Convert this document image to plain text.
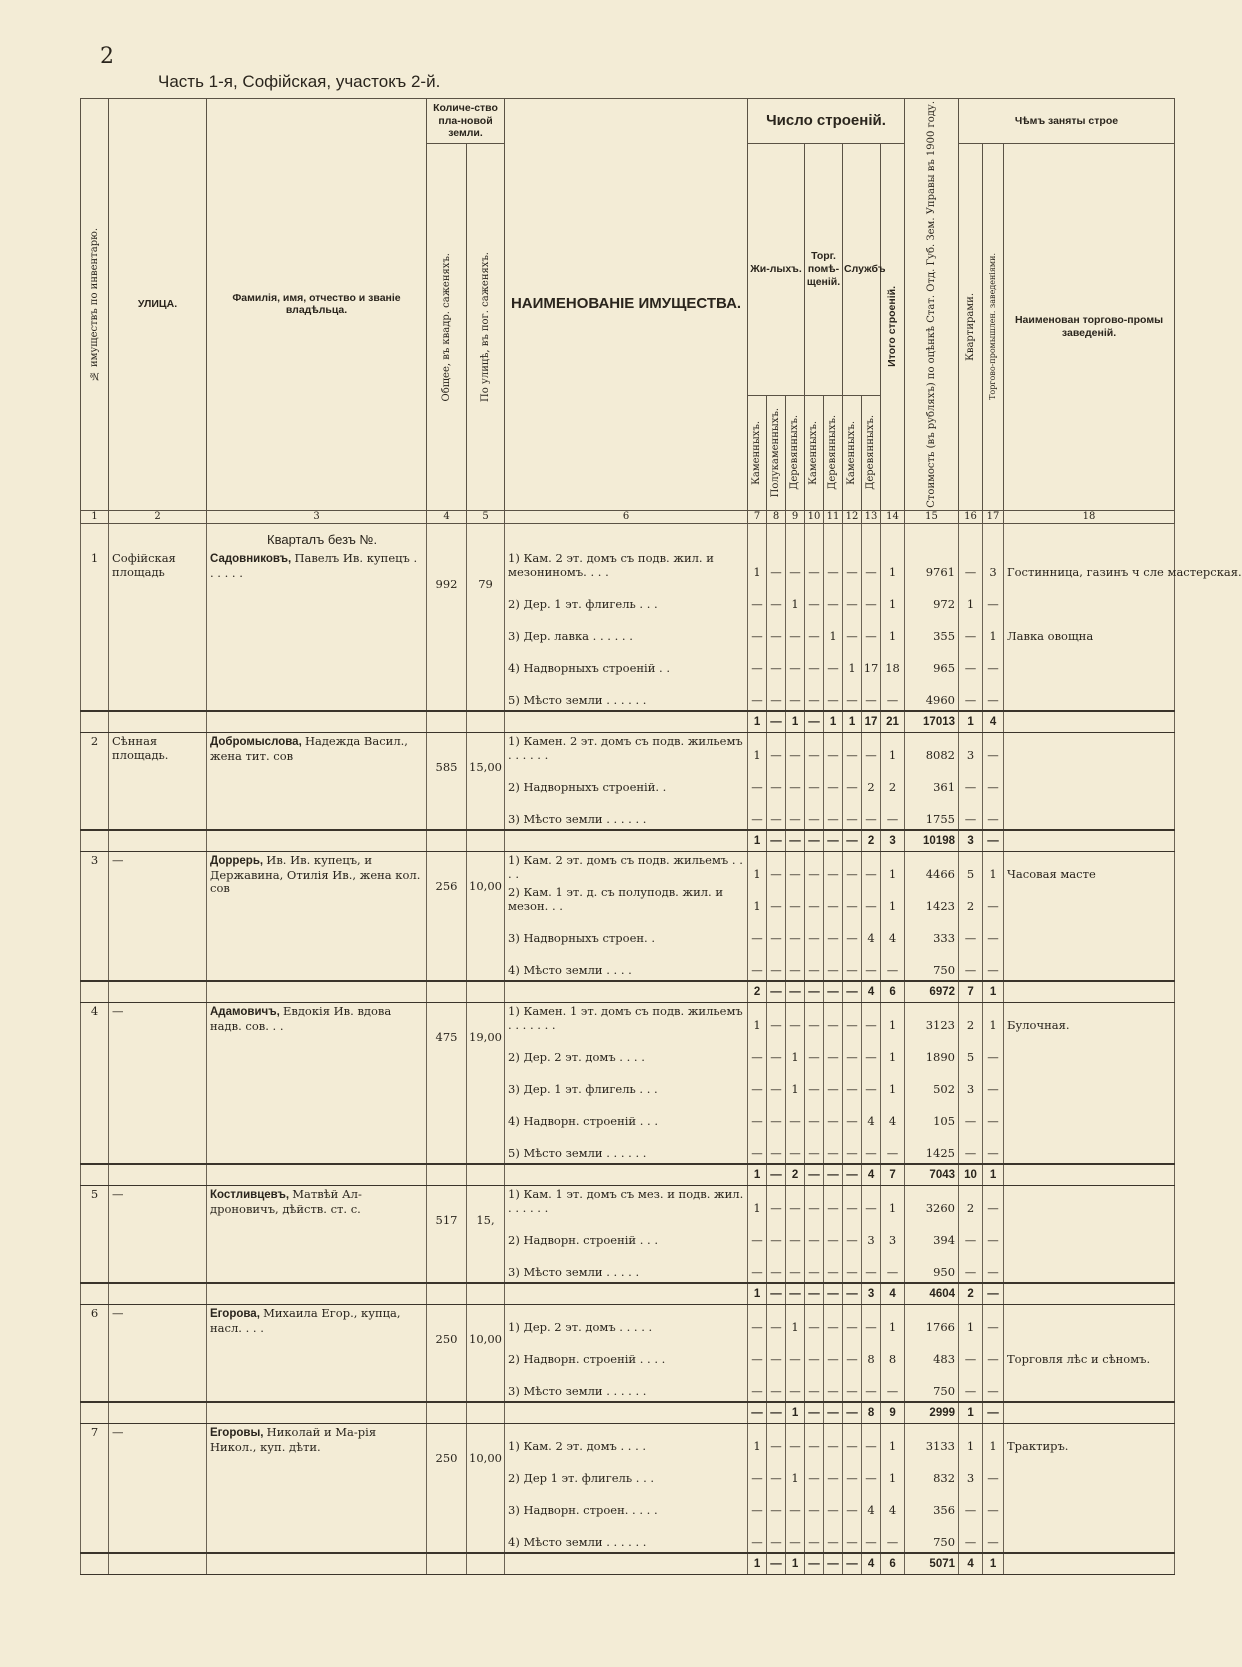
2
Часть 1-я, Софійская, участокъ 2-й.
№ имуществъ по инвентарю.	УЛИЦА.	Фамилія, имя, отчество и званіе владѣльца.	Количе-ство пла-новой земли.		НАИМЕНОВАНІЕ ИМУЩЕСТВА.	Число строеній.								Стоимость (въ рубляхъ) по оцѣнкѣ Стат. Отд. Губ. Зем. Управы въ 1900 году.	Чѣмъ заняты строе		

			Общее, въ квадр. саженяхъ.	По улицѣ, въ пог. саженяхъ.		Жи-лыхъ.			Торг. помѣ-щеній.		Службъ		Итого строеній.		Квартирами.	Торгово-промышлен. заведеніями.	Наименован торгово-промы заведеній.

						Каменныхъ.	Полукаменныхъ.	Деревянныхъ.	Каменныхъ.	Деревянныхъ.	Каменныхъ.	Деревянныхъ.					

1	2	3	4	5	6	7	8	9	10	11	12	13	14	15	16	17	18
		Кварталъ безъ №.															
1	Софійская площадь	Садовниковъ, Павелъ Ив. купецъ . . . . . .	992	79	1) Кам. 2 эт. домъ съ подв. жил. и мезониномъ. . . .	1	—	—	—	—	—	—	1	9761	—	3	Гостинница, газинъ ч сле мастерская.

					2) Дер. 1 эт. флигель . . .	—	—	1	—	—	—	—	1	972	1	—	

					3) Дер. лавка . . . . . .	—	—	—	—	1	—	—	1	355	—	1	Лавка овощна

					4) Надворныхъ строеній . .	—	—	—	—	—	1	17	18	965	—	—	

					5) Мѣсто земли . . . . . .	—	—	—	—	—	—	—	—	4960	—	—	
						1	—	1	—	1	1	17	21	17013	1	4	
2	Сѣнная площадь.	Добромыслова, Надежда Васил., жена тит. сов	585	15,00	1) Камен. 2 эт. домъ съ подв. жильемъ . . . . . .	1	—	—	—	—	—	—	1	8082	3	—	

					2) Надворныхъ строеній. .	—	—	—	—	—	—	2	2	361	—	—	

					3) Мѣсто земли . . . . . .	—	—	—	—	—	—	—	—	1755	—	—	
						1	—	—	—	—	—	2	3	10198	3	—	
3	—	Доррерь, Ив. Ив. купецъ, и Державина, Отилія Ив., жена кол. сов	256	10,00	1) Кам. 2 эт. домъ съ подв. жильемъ . . . .	1	—	—	—	—	—	—	1	4466	5	1	Часовая масте

					2) Кам. 1 эт. д. съ полуподв. жил. и мезон. . .	1	—	—	—	—	—	—	1	1423	2	—	

					3) Надворныхъ строен. .	—	—	—	—	—	—	4	4	333	—	—	

					4) Мѣсто земли . . . .	—	—	—	—	—	—	—	—	750	—	—	
						2	—	—	—	—	—	4	6	6972	7	1	
4	—	Адамовичъ, Евдокія Ив. вдова надв. сов. . .	475	19,00	1) Камен. 1 эт. домъ съ подв. жильемъ . . . . . . .	1	—	—	—	—	—	—	1	3123	2	1	Булочная.

					2) Дер. 2 эт. домъ . . . .	—	—	1	—	—	—	—	1	1890	5	—	

					3) Дер. 1 эт. флигель . . .	—	—	1	—	—	—	—	1	502	3	—	

					4) Надворн. строеній . . .	—	—	—	—	—	—	4	4	105	—	—	

					5) Мѣсто земли . . . . . .	—	—	—	—	—	—	—	—	1425	—	—	
						1	—	2	—	—	—	4	7	7043	10	1	
5	—	Костливцевъ, Матвѣй Ал-дроновичъ, дѣйств. ст. с.	517	15,	1) Кам. 1 эт. домъ съ мез. и подв. жил. . . . . . .	1	—	—	—	—	—	—	1	3260	2	—	

					2) Надворн. строеній . . .	—	—	—	—	—	—	3	3	394	—	—	

					3) Мѣсто земли . . . . .	—	—	—	—	—	—	—	—	950	—	—	
						1	—	—	—	—	—	3	4	4604	2	—	
6	—	Егорова, Михаила Егор., купца, насл. . . .	250	10,00	1) Дер. 2 эт. домъ . . . . .	—	—	1	—	—	—	—	1	1766	1	—	

					2) Надворн. строеній . . . .	—	—	—	—	—	—	8	8	483	—	—	Торговля лѣс и сѣномъ.

					3) Мѣсто земли . . . . . .	—	—	—	—	—	—	—	—	750	—	—	
						—	—	1	—	—	—	8	9	2999	1	—	
7	—	Егоровы, Николай и Ма-рія Никол., куп. дѣти.	250	10,00	1) Кам. 2 эт. домъ . . . .	1	—	—	—	—	—	—	1	3133	1	1	Трактиръ.

					2) Дер 1 эт. флигель . . .	—	—	1	—	—	—	—	1	832	3	—	

					3) Надворн. строен. . . . .	—	—	—	—	—	—	4	4	356	—	—	

					4) Мѣсто земли . . . . . .	—	—	—	—	—	—	—	—	750	—	—	
						1	—	1	—	—	—	4	6	5071	4	1	
